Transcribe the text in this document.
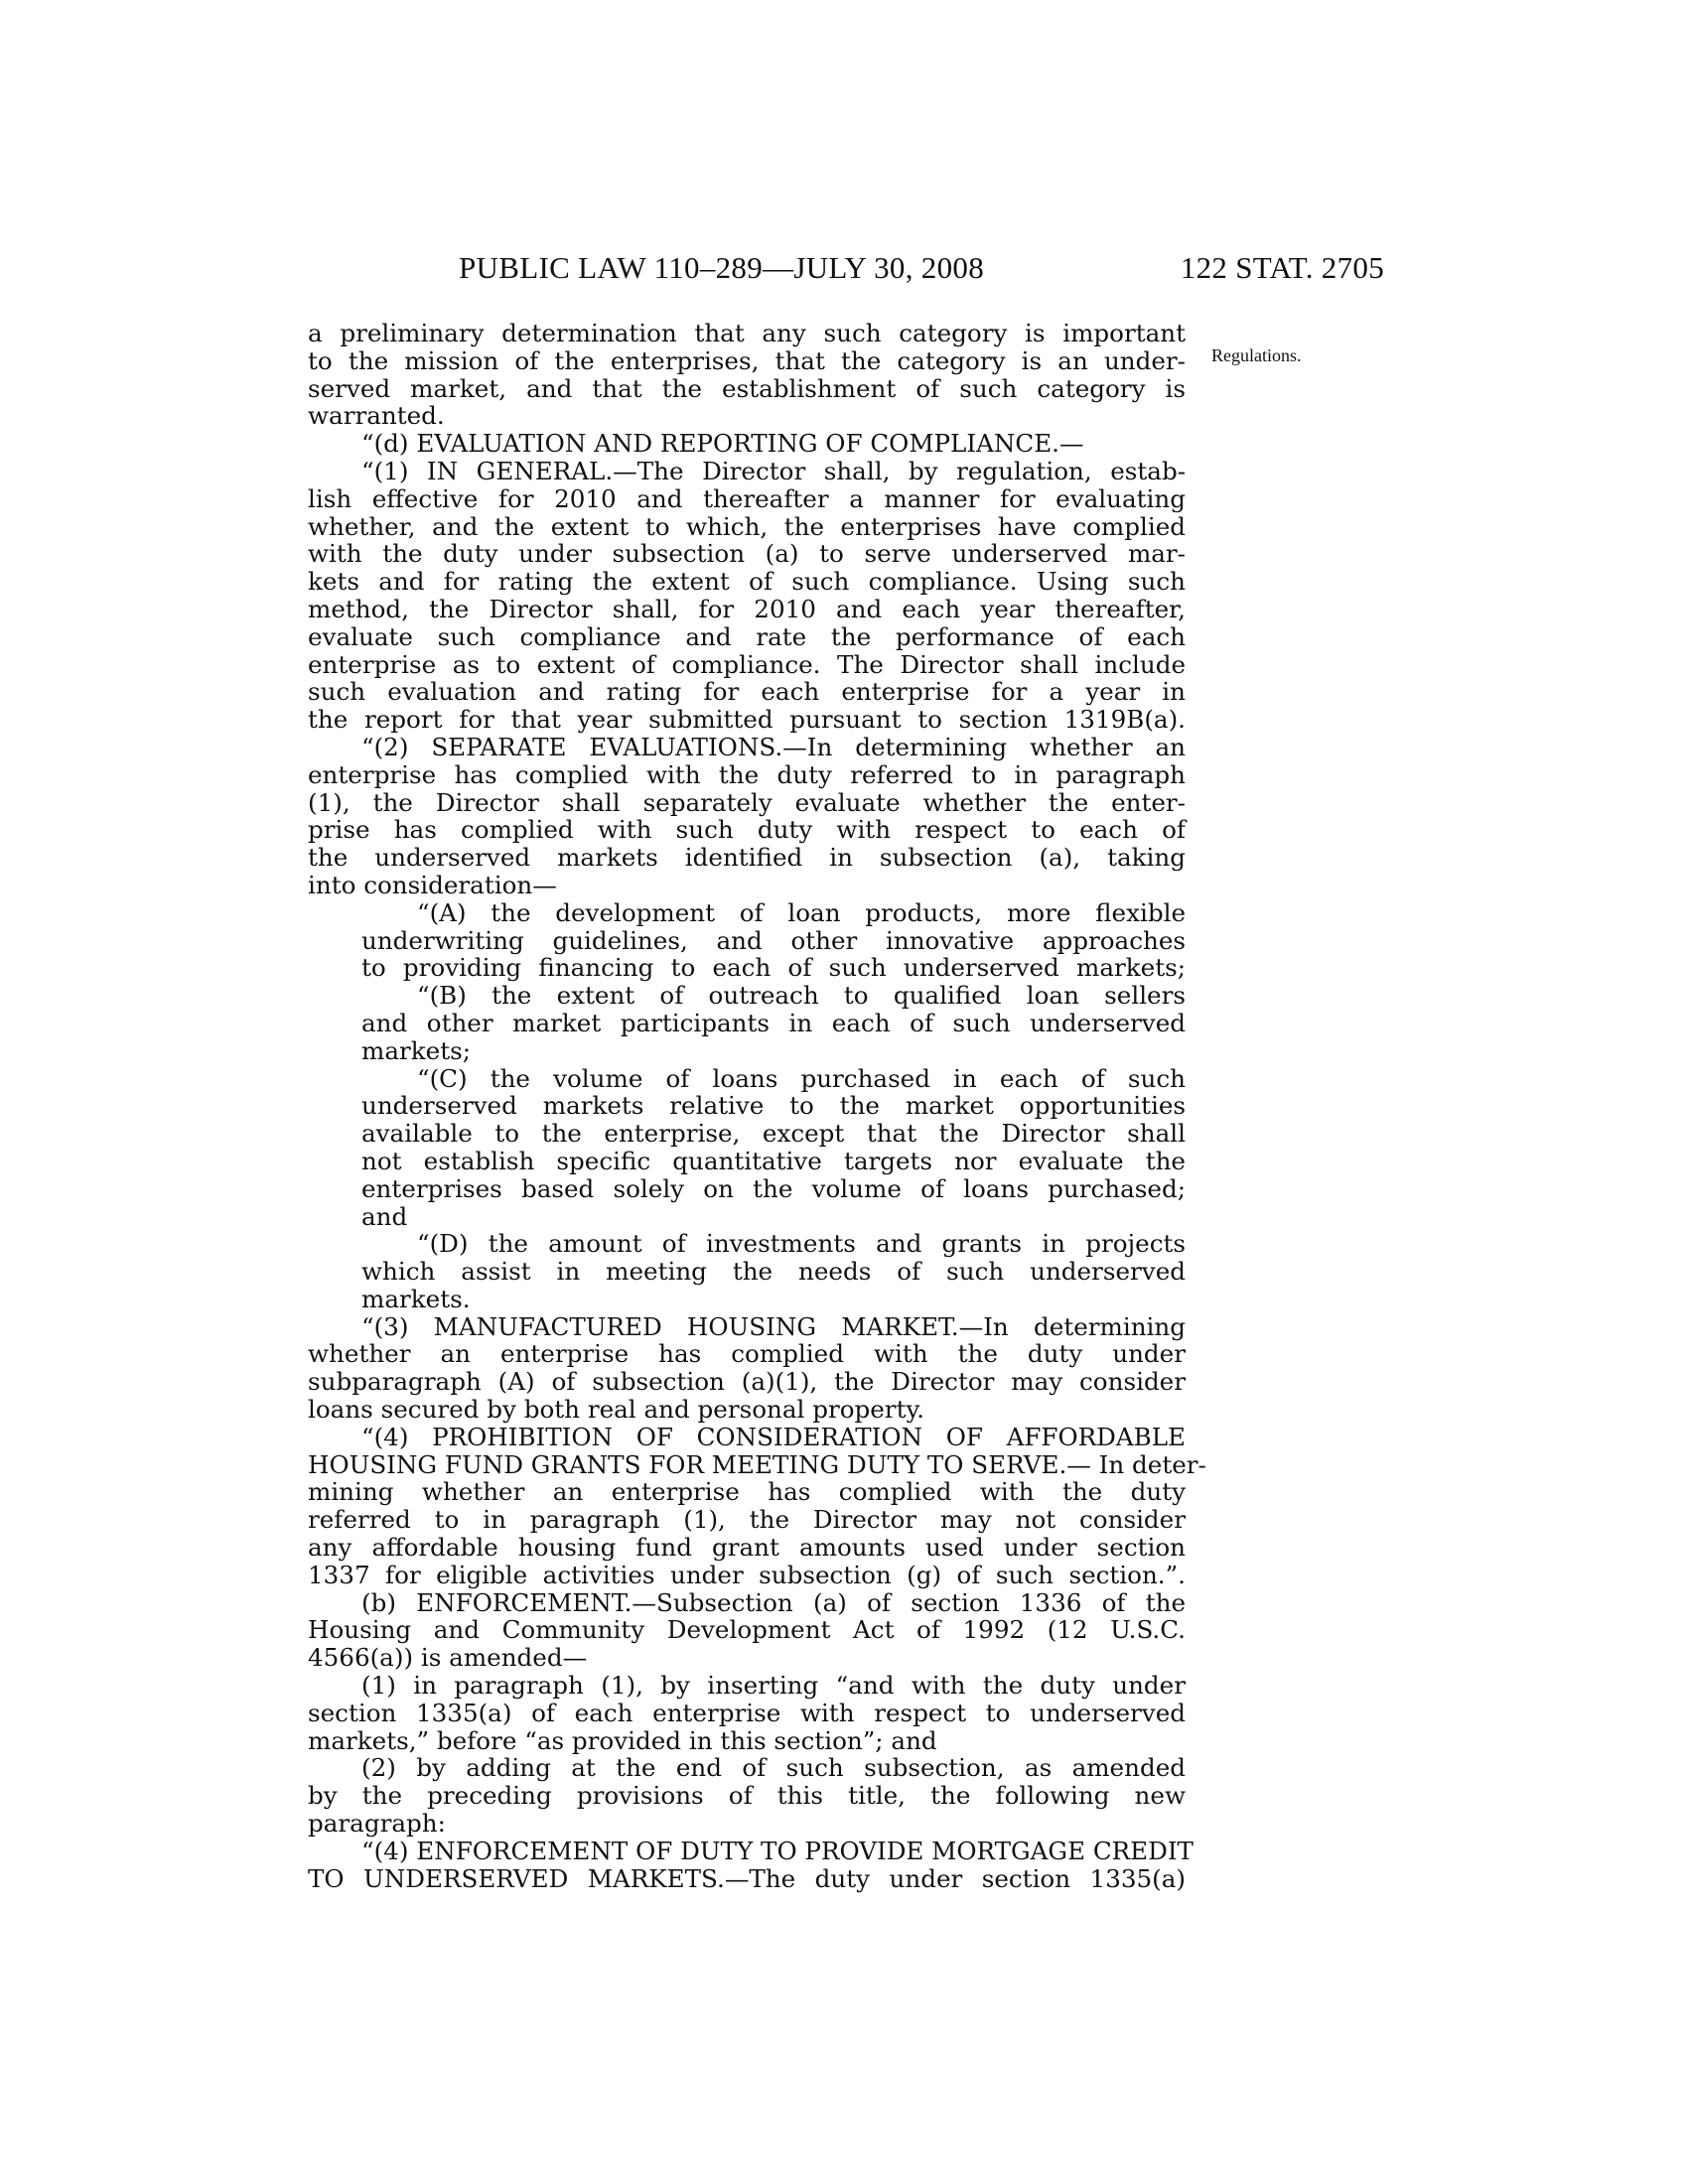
PUBLIC LAW 110–289—JULY 30, 2008	122 STAT. 2705
Regulations.
a preliminary determination that any such category is important
to the mission of the enterprises, that the category is an under-
served market, and that the establishment of such category is
warranted.
“(d) EVALUATION AND REPORTING OF COMPLIANCE.—
“(1) IN GENERAL.—The Director shall, by regulation, estab-
lish effective for 2010 and thereafter a manner for evaluating
whether, and the extent to which, the enterprises have complied
with the duty under subsection (a) to serve underserved mar-
kets and for rating the extent of such compliance. Using such
method, the Director shall, for 2010 and each year thereafter,
evaluate such compliance and rate the performance of each
enterprise as to extent of compliance. The Director shall include
such evaluation and rating for each enterprise for a year in
the report for that year submitted pursuant to section 1319B(a).
“(2) SEPARATE EVALUATIONS.—In determining whether an
enterprise has complied with the duty referred to in paragraph
(1), the Director shall separately evaluate whether the enter-
prise has complied with such duty with respect to each of
the underserved markets identified in subsection (a), taking
into consideration—
“(A) the development of loan products, more flexible
underwriting guidelines, and other innovative approaches
to providing financing to each of such underserved markets;
“(B) the extent of outreach to qualified loan sellers
and other market participants in each of such underserved
markets;
“(C) the volume of loans purchased in each of such
underserved markets relative to the market opportunities
available to the enterprise, except that the Director shall
not establish specific quantitative targets nor evaluate the
enterprises based solely on the volume of loans purchased;
and
“(D) the amount of investments and grants in projects
which assist in meeting the needs of such underserved
markets.
“(3) MANUFACTURED HOUSING MARKET.—In determining
whether an enterprise has complied with the duty under
subparagraph (A) of subsection (a)(1), the Director may consider
loans secured by both real and personal property.
“(4) PROHIBITION OF CONSIDERATION OF AFFORDABLE
HOUSING FUND GRANTS FOR MEETING DUTY TO SERVE.— In deter-
mining whether an enterprise has complied with the duty
referred to in paragraph (1), the Director may not consider
any affordable housing fund grant amounts used under section
1337 for eligible activities under subsection (g) of such section.”.
(b) ENFORCEMENT.—Subsection (a) of section 1336 of the
Housing and Community Development Act of 1992 (12 U.S.C.
4566(a)) is amended—
(1) in paragraph (1), by inserting “and with the duty under
section 1335(a) of each enterprise with respect to underserved
markets,” before “as provided in this section”; and
(2) by adding at the end of such subsection, as amended
by the preceding provisions of this title, the following new
paragraph:
“(4) ENFORCEMENT OF DUTY TO PROVIDE MORTGAGE CREDIT
TO UNDERSERVED MARKETS.—The duty under section 1335(a)
